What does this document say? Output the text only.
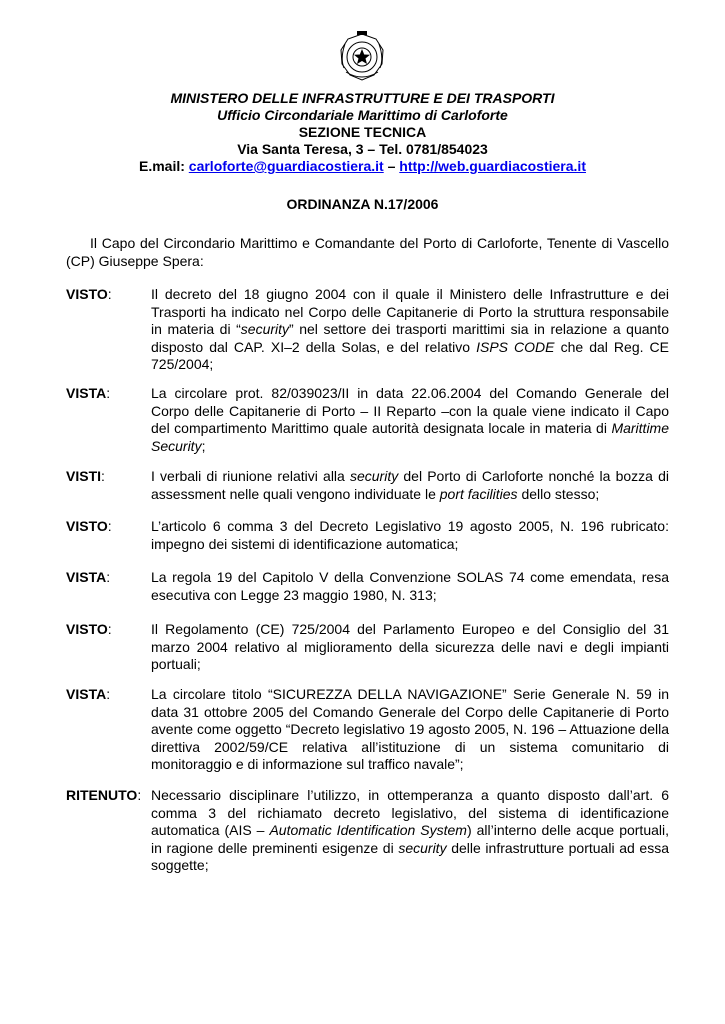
MINISTERO DELLE INFRASTRUTTURE E DEI TRASPORTI
Ufficio Circondariale Marittimo di Carloforte
SEZIONE TECNICA
Via Santa Teresa, 3 – Tel. 0781/854023
E.mail: carloforte@guardiacostiera.it – http://web.guardiacostiera.it
ORDINANZA N.17/2006
Il Capo del Circondario Marittimo e Comandante del Porto di Carloforte, Tenente di Vascello (CP) Giuseppe Spera:
VISTO:	Il decreto del 18 giugno 2004 con il quale il Ministero delle Infrastrutture e dei Trasporti ha indicato nel Corpo delle Capitanerie di Porto la struttura responsabile in materia di “security” nel settore dei trasporti marittimi sia in relazione a quanto disposto dal CAP. XI–2 della Solas, e del relativo ISPS CODE che dal Reg. CE 725/2004;
VISTA:	La circolare prot. 82/039023/II in data 22.06.2004 del Comando Generale del Corpo delle Capitanerie di Porto – II Reparto –con la quale viene indicato il Capo del compartimento Marittimo quale autorità designata locale in materia di Marittime Security;
VISTI:	I verbali di riunione relativi alla security del Porto di Carloforte nonché la bozza di assessment nelle quali vengono individuate le port facilities dello stesso;
VISTO:	L’articolo 6 comma 3 del Decreto Legislativo 19 agosto 2005, N. 196 rubricato: impegno dei sistemi di identificazione automatica;
VISTA:	La regola 19 del Capitolo V della Convenzione SOLAS 74 come emendata, resa esecutiva con Legge 23 maggio 1980, N. 313;
VISTO:	Il Regolamento (CE) 725/2004 del Parlamento Europeo e del Consiglio del 31 marzo 2004 relativo al miglioramento della sicurezza delle navi e degli impianti portuali;
VISTA:	La circolare titolo “SICUREZZA DELLA NAVIGAZIONE” Serie Generale N. 59 in data 31 ottobre 2005 del Comando Generale del Corpo delle Capitanerie di Porto avente come oggetto “Decreto legislativo 19 agosto 2005, N. 196 – Attuazione della direttiva 2002/59/CE relativa all’istituzione di un sistema comunitario di monitoraggio e di informazione sul traffico navale”;
RITENUTO: Necessario disciplinare l’utilizzo, in ottemperanza a quanto disposto dall’art. 6 comma 3 del richiamato decreto legislativo, del sistema di identificazione automatica (AIS – Automatic Identification System) all’interno delle acque portuali, in ragione delle preminenti esigenze di security delle infrastrutture portuali ad essa soggette;
